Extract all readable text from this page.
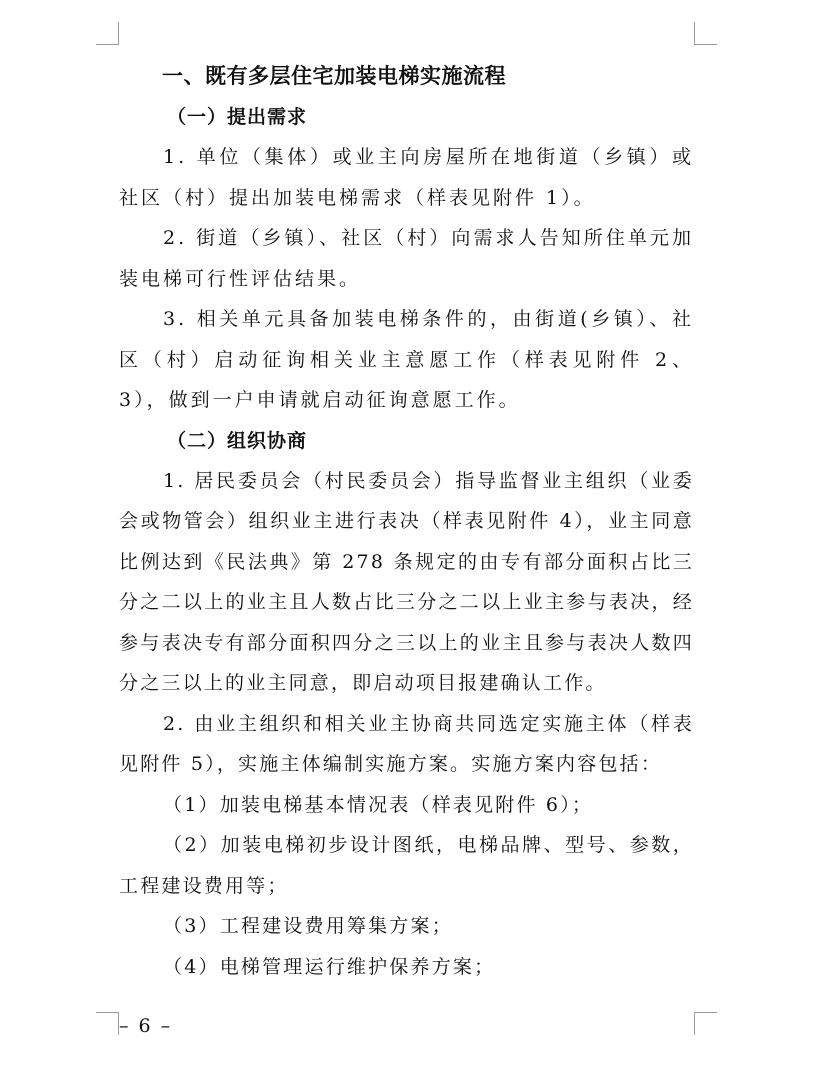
一、既有多层住宅加装电梯实施流程
（一）提出需求

1. 单位（集体）或业主向房屋所在地街道（乡镇）或社区（村）提出加装电梯需求（样表见附件 1）。

2. 街道（乡镇）、社区（村）向需求人告知所住单元加装电梯可行性评估结果。

3. 相关单元具备加装电梯条件的，由街道(乡镇）、社区（村）启动征询相关业主意愿工作（样表见附件 2、3），做到一户申请就启动征询意愿工作。

（二）组织协商

1. 居民委员会（村民委员会）指导监督业主组织（业委会或物管会）组织业主进行表决（样表见附件 4），业主同意比例达到《民法典》第 278 条规定的由专有部分面积占比三分之二以上的业主且人数占比三分之二以上业主参与表决，经参与表决专有部分面积四分之三以上的业主且参与表决人数四分之三以上的业主同意，即启动项目报建确认工作。

2. 由业主组织和相关业主协商共同选定实施主体（样表见附件 5），实施主体编制实施方案。实施方案内容包括：

（1）加装电梯基本情况表（样表见附件 6）；

（2）加装电梯初步设计图纸，电梯品牌、型号、参数，工程建设费用等；

（3）工程建设费用筹集方案；

（4）电梯管理运行维护保养方案；

– 6 –
